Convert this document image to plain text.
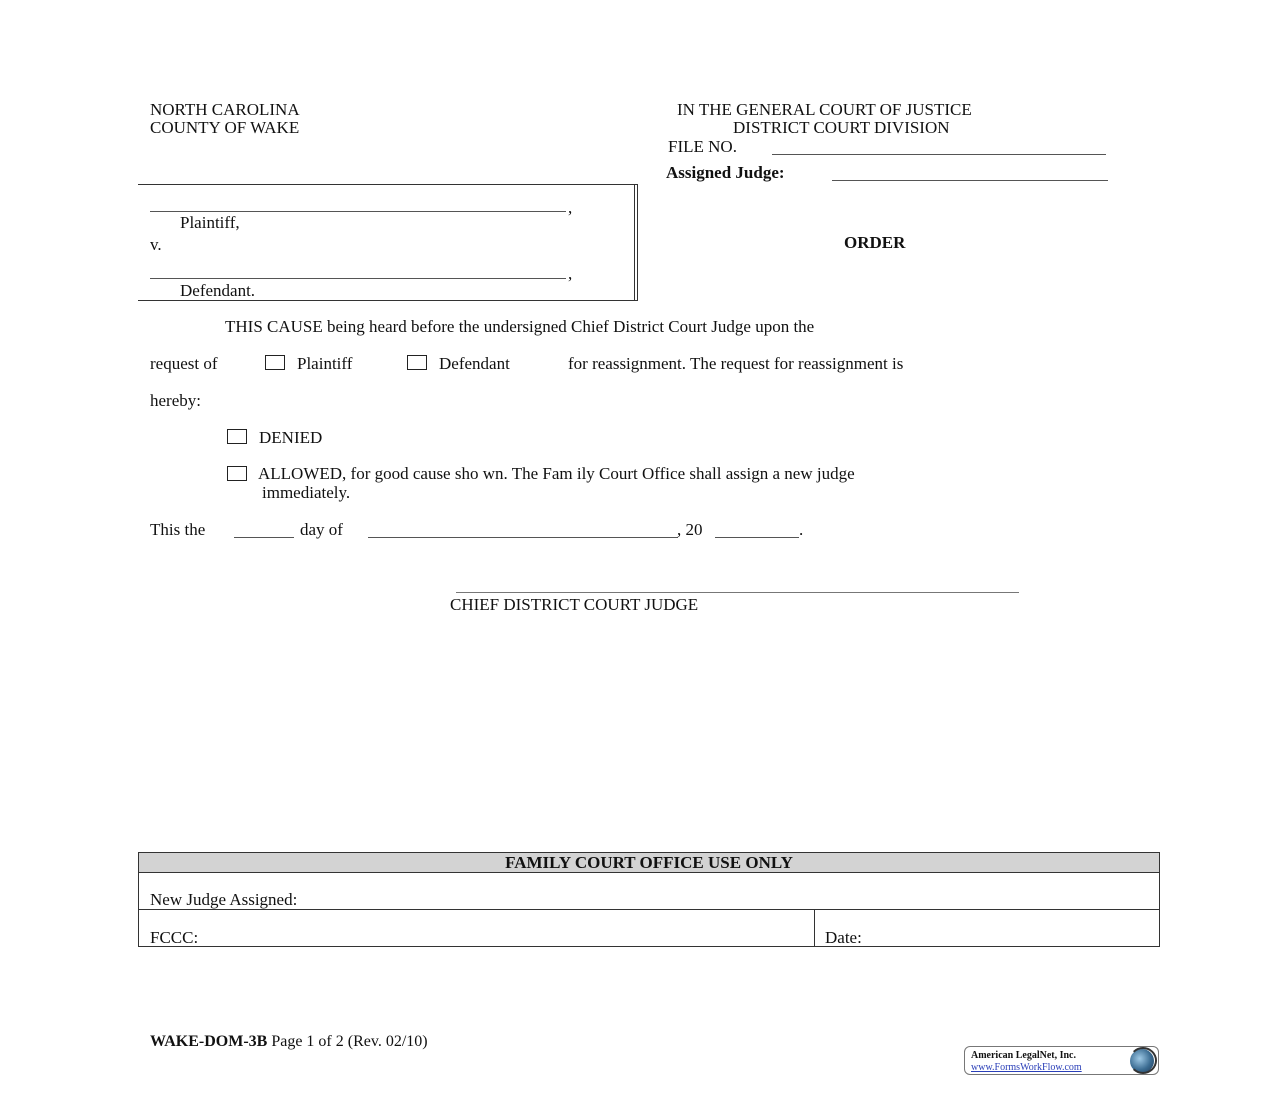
NORTH CAROLINA
COUNTY OF WAKE
IN THE GENERAL COURT OF JUSTICE
DISTRICT COURT DIVISION
FILE NO.
Assigned Judge:
,
Plaintiff,
v.
,
Defendant.
ORDER
THIS CAUSE being heard before the undersigned Chief District Court Judge upon the
request of	Plaintiff	Defendant	for reassignment. The request for reassignment is
hereby:
DENIED
ALLOWED, for good cause sho wn. The Fam ily Court Office shall assign a new judge
immediately.
This the	day of	, 20	.
CHIEF DISTRICT COURT JUDGE
FAMILY COURT OFFICE USE ONLY
New Judge Assigned:
FCCC:	Date:
WAKE-DOM-3B Page 1 of 2 (Rev. 02/10)
American LegalNet, Inc.
www.FormsWorkFlow.com
